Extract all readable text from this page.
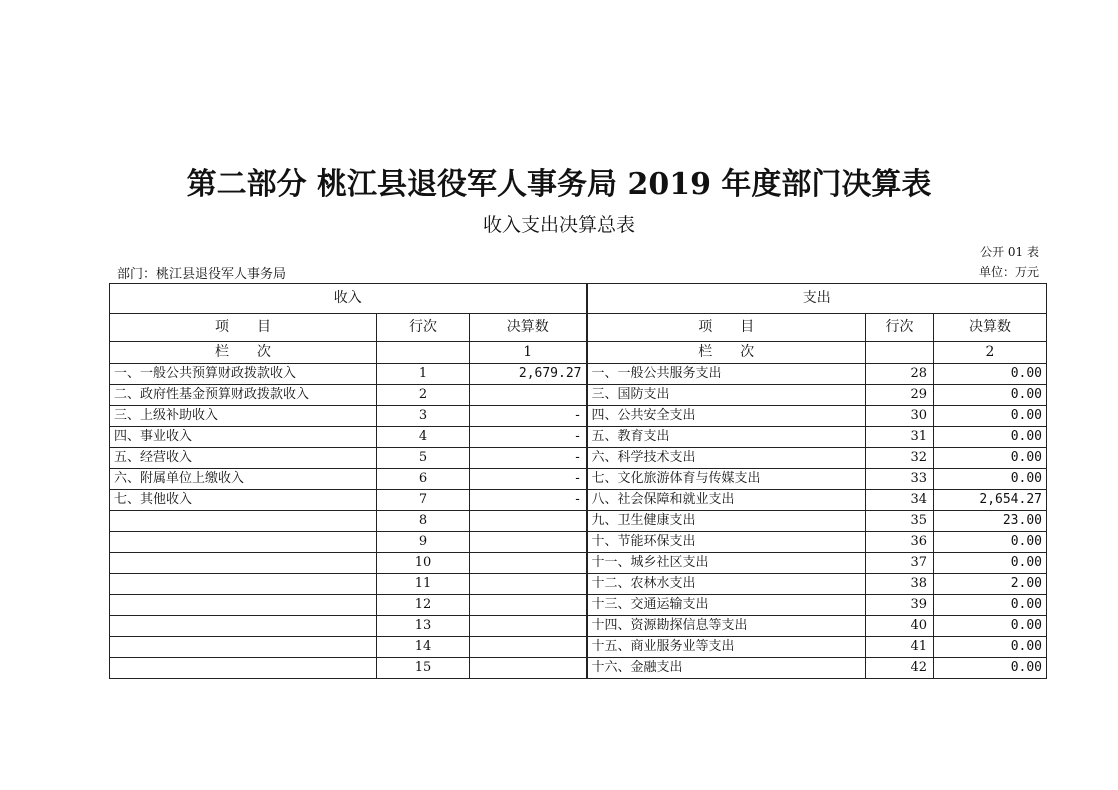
第二部分 桃江县退役军人事务局 2019 年度部门决算表
收入支出决算总表
公开 01 表
部门：桃江县退役军人事务局	单位：万元
收入			支出		
项　　目	行次	决算数	项　　目	行次	决算数
栏　　次		1	栏　　次		2
一、一般公共预算财政拨款收入	1	2,679.27	一、一般公共服务支出	28	0.00
二、政府性基金预算财政拨款收入	2		三、国防支出	29	0.00
三、上级补助收入	3	-	四、公共安全支出	30	0.00
四、事业收入	4	-	五、教育支出	31	0.00
五、经营收入	5	-	六、科学技术支出	32	0.00
六、附属单位上缴收入	6	-	七、文化旅游体育与传媒支出	33	0.00
七、其他收入	7	-	八、社会保障和就业支出	34	2,654.27
	8		九、卫生健康支出	35	23.00
	9		十、节能环保支出	36	0.00
	10		十一、城乡社区支出	37	0.00
	11		十二、农林水支出	38	2.00
	12		十三、交通运输支出	39	0.00
	13		十四、资源勘探信息等支出	40	0.00
	14		十五、商业服务业等支出	41	0.00
	15		十六、金融支出	42	0.00
